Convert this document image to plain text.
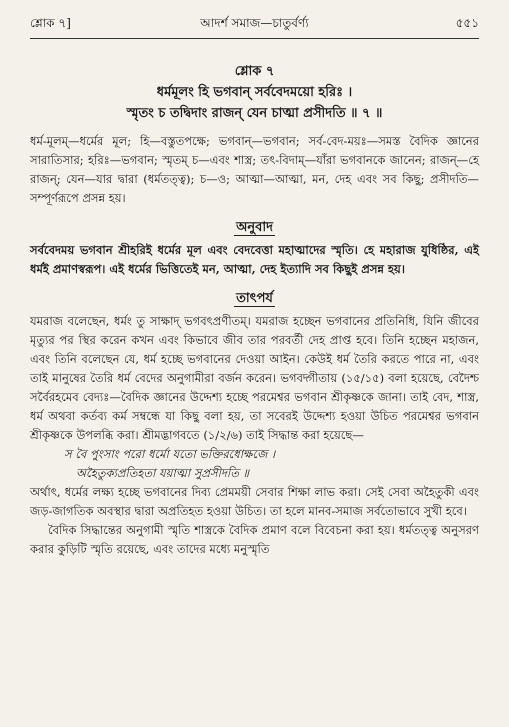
শ্লোক ৭]	আদর্শ সমাজ—চাতুর্বর্ণ্য	৫৫১
শ্লোক ৭
ধর্মমূলং হি ভগবান্ সর্ববেদময়ো হরিঃ ।
স্মৃতং চ তদ্বিদাং রাজন্ যেন চাত্মা প্রসীদতি ॥ ৭ ॥
ধর্ম-মূলম্—ধর্মের মূল; হি—বস্তুতপক্ষে; ভগবান্—ভগবান; সর্ব-বেদ-ময়ঃ—সমস্ত বৈদিক জ্ঞানের সারাতিসার; হরিঃ—ভগবান; স্মৃতম্ চ—এবং শাস্ত্র; তৎ-বিদাম্—যাঁরা ভগবানকে জানেন; রাজন্—হে রাজন্; যেন—যার দ্বারা (ধর্মতত্ত্ব); চ—ও; আত্মা—আত্মা, মন, দেহ এবং সব কিছু; প্রসীদতি—সম্পূর্ণরূপে প্রসন্ন হয়।
অনুবাদ
সর্ববেদময় ভগবান শ্রীহরিই ধর্মের মূল এবং বেদবেত্তা মহাত্মাদের স্মৃতি। হে মহারাজ যুধিষ্ঠির, এই ধর্মই প্রমাণস্বরূপ। এই ধর্মের ভিত্তিতেই মন, আত্মা, দেহ ইত্যাদি সব কিছুই প্রসন্ন হয়।
তাৎপর্য

যমরাজ বলেছেন, ধর্মং তু সাক্ষাদ্ ভগবৎপ্রণীতম্। যমরাজ হচ্ছেন ভগবানের প্রতিনিধি, যিনি জীবের মৃত্যুর পর স্থির করেন কখন এবং কিভাবে জীব তার পরবর্তী দেহ প্রাপ্ত হবে। তিনি হচ্ছেন মহাজন, এবং তিনি বলেছেন যে, ধর্ম হচ্ছে ভগবানের দেওয়া আইন। কেউই ধর্ম তৈরি করতে পারে না, এবং তাই মানুষের তৈরি ধর্ম বেদের অনুগামীরা বর্জন করেন। ভগবদ্গীতায় (১৫/১৫) বলা হয়েছে, বেদৈশ্চ সর্বৈরহমেব বেদ্যঃ—বৈদিক জ্ঞানের উদ্দেশ্য হচ্ছে পরমেশ্বর ভগবান শ্রীকৃষ্ণকে জানা। তাই বেদ, শাস্ত্র, ধর্ম অথবা কর্তব্য কর্ম সম্বন্ধে যা কিছু বলা হয়, তা সবেরই উদ্দেশ্য হওয়া উচিত পরমেশ্বর ভগবান শ্রীকৃষ্ণকে উপলব্ধি করা। শ্রীমদ্ভাগবতে (১/২/৬) তাই সিদ্ধান্ত করা হয়েছে—

স বৈ পুংসাং পরো ধর্মো যতো ভক্তিরধোক্ষজে ।

অহৈতুক্যপ্রতিহতা যয়াত্মা সুপ্রসীদতি ॥

অর্থাৎ, ধর্মের লক্ষ্য হচ্ছে ভগবানের দিব্য প্রেমময়ী সেবার শিক্ষা লাভ করা। সেই সেবা অহৈতুকী এবং জড়-জাগতিক অবস্থার দ্বারা অপ্রতিহত হওয়া উচিত। তা হলে মানব-সমাজ সর্বতোভাবে সুখী হবে।

বৈদিক সিদ্ধান্তের অনুগামী স্মৃতি শাস্ত্রকে বৈদিক প্রমাণ বলে বিবেচনা করা হয়। ধর্মতত্ত্ব অনুসরণ করার কুড়িটি স্মৃতি রয়েছে, এবং তাদের মধ্যে মনুস্মৃতি
